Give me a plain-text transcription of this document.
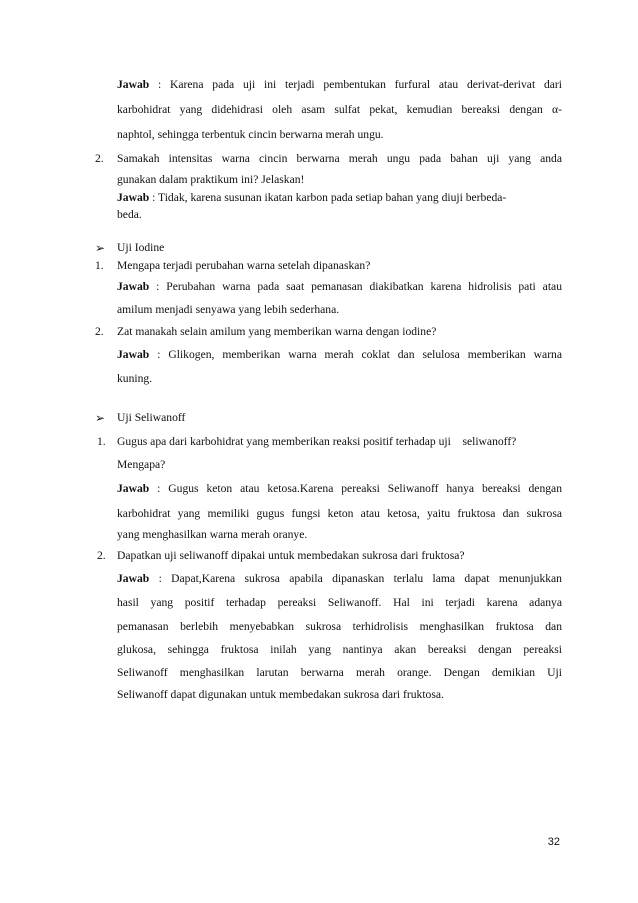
Jawab : Karena pada uji ini terjadi pembentukan furfural atau derivat-derivat dari
karbohidrat yang didehidrasi oleh asam sulfat pekat, kemudian bereaksi dengan α-
naphtol, sehingga terbentuk cincin berwarna merah ungu.
2. Samakah intensitas warna cincin berwarna merah ungu pada bahan uji yang anda
gunakan dalam praktikum ini? Jelaskan!
Jawab : Tidak, karena susunan ikatan karbon pada setiap bahan yang diuji berbeda-
beda.
➢ Uji Iodine
1. Mengapa terjadi perubahan warna setelah dipanaskan?
Jawab : Perubahan warna pada saat pemanasan diakibatkan karena hidrolisis pati atau
amilum menjadi senyawa yang lebih sederhana.
2. Zat manakah selain amilum yang memberikan warna dengan iodine?
Jawab : Glikogen, memberikan warna merah coklat dan selulosa memberikan warna
kuning.
➢ Uji Seliwanoff
1. Gugus apa dari karbohidrat yang memberikan reaksi positif terhadap uji    seliwanoff?
Mengapa?
Jawab : Gugus keton atau ketosa.Karena pereaksi Seliwanoff hanya bereaksi dengan
karbohidrat yang memiliki gugus fungsi keton atau ketosa, yaitu fruktosa dan sukrosa
yang menghasilkan warna merah oranye.
2. Dapatkan uji seliwanoff dipakai untuk membedakan sukrosa dari fruktosa?
Jawab : Dapat,Karena sukrosa apabila dipanaskan terlalu lama dapat menunjukkan
hasil yang positif terhadap pereaksi Seliwanoff. Hal ini terjadi karena adanya
pemanasan berlebih menyebabkan sukrosa terhidrolisis menghasilkan fruktosa dan
glukosa, sehingga fruktosa inilah yang nantinya akan bereaksi dengan pereaksi
Seliwanoff menghasilkan larutan berwarna merah orange. Dengan demikian Uji
Seliwanoff dapat digunakan untuk membedakan sukrosa dari fruktosa.
32
